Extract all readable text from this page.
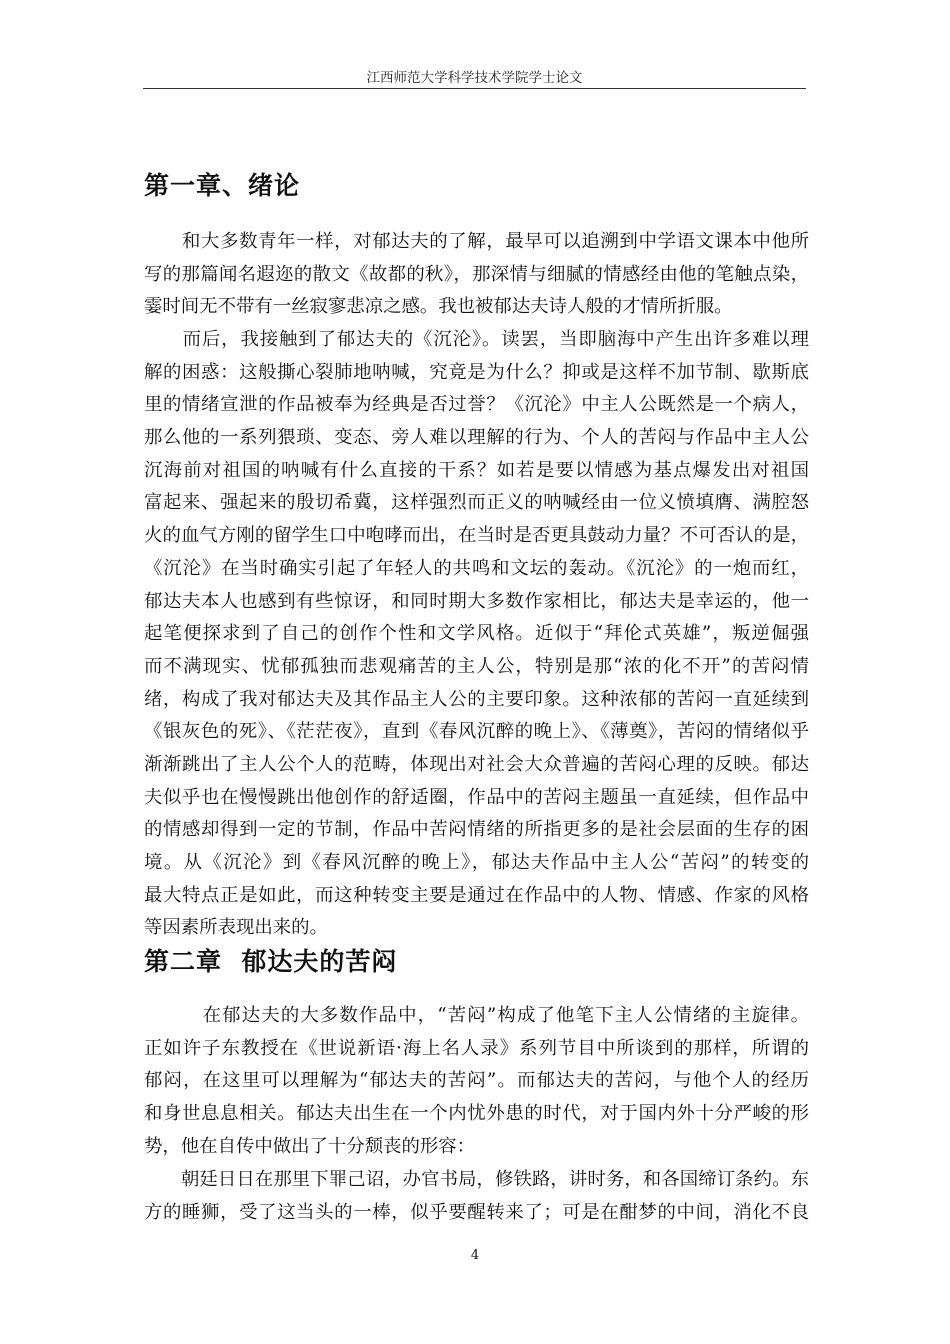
江西师范大学科学技术学院学士论文
第一章、绪论
　　和大多数青年一样，对郁达夫的了解，最早可以追溯到中学语文课本中他所
写的那篇闻名遐迩的散文《故都的秋》，那深情与细腻的情感经由他的笔触点染，
霎时间无不带有一丝寂寥悲凉之感。我也被郁达夫诗人般的才情所折服。
　　而后，我接触到了郁达夫的《沉沦》。读罢，当即脑海中产生出许多难以理
解的困惑：这般撕心裂肺地呐喊，究竟是为什么？抑或是这样不加节制、歇斯底
里的情绪宣泄的作品被奉为经典是否过誉？《沉沦》中主人公既然是一个病人，
那么他的一系列猥琐、变态、旁人难以理解的行为、个人的苦闷与作品中主人公
沉海前对祖国的呐喊有什么直接的干系？如若是要以情感为基点爆发出对祖国
富起来、强起来的殷切希冀，这样强烈而正义的呐喊经由一位义愤填膺、满腔怒
火的血气方刚的留学生口中咆哮而出，在当时是否更具鼓动力量？不可否认的是，
《沉沦》在当时确实引起了年轻人的共鸣和文坛的轰动。《沉沦》的一炮而红，
郁达夫本人也感到有些惊讶，和同时期大多数作家相比，郁达夫是幸运的，他一
起笔便探求到了自己的创作个性和文学风格。近似于“拜伦式英雄”，叛逆倔强
而不满现实、忧郁孤独而悲观痛苦的主人公，特别是那“浓的化不开”的苦闷情
绪，构成了我对郁达夫及其作品主人公的主要印象。这种浓郁的苦闷一直延续到
《银灰色的死》、《茫茫夜》，直到《春风沉醉的晚上》、《薄奠》，苦闷的情绪似乎
渐渐跳出了主人公个人的范畴，体现出对社会大众普遍的苦闷心理的反映。郁达
夫似乎也在慢慢跳出他创作的舒适圈，作品中的苦闷主题虽一直延续，但作品中
的情感却得到一定的节制，作品中苦闷情绪的所指更多的是社会层面的生存的困
境。从《沉沦》到《春风沉醉的晚上》，郁达夫作品中主人公“苦闷”的转变的
最大特点正是如此，而这种转变主要是通过在作品中的人物、情感、作家的风格
等因素所表现出来的。
第二章  郁达夫的苦闷
　　　在郁达夫的大多数作品中，“苦闷”构成了他笔下主人公情绪的主旋律。
正如许子东教授在《世说新语·海上名人录》系列节目中所谈到的那样，所谓的
郁闷，在这里可以理解为“郁达夫的苦闷”。而郁达夫的苦闷，与他个人的经历
和身世息息相关。郁达夫出生在一个内忧外患的时代，对于国内外十分严峻的形
势，他在自传中做出了十分颓丧的形容：
　　朝廷日日在那里下罪己诏，办官书局，修铁路，讲时务，和各国缔订条约。东
方的睡狮，受了这当头的一棒，似乎要醒转来了；可是在酣梦的中间，消化不良
4
